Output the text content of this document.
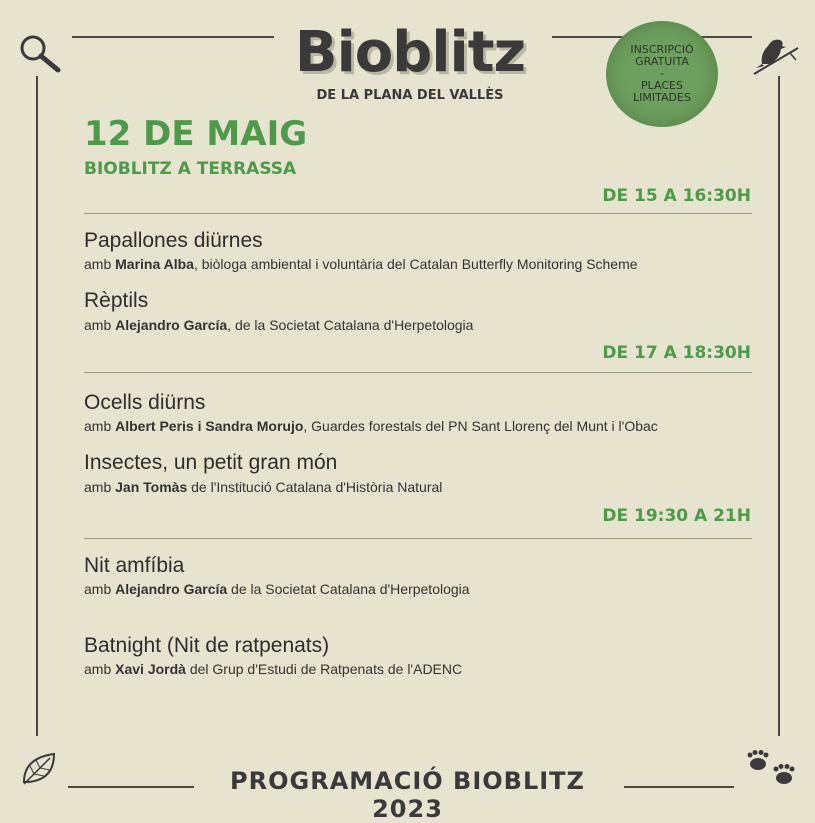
Bioblitz
DE LA PLANA DEL VALLÈS
INSCRIPCIÓ
GRATUITA
-
PLACES
LIMITADES
12 DE MAIG
BIOBLITZ A TERRASSA
DE 15 A 16:30H
Papallones diürnes
amb Marina Alba, biòloga ambiental i voluntària del Catalan Butterfly Monitoring Scheme
Rèptils
amb Alejandro García, de la Societat Catalana d'Herpetologia
DE 17 A 18:30H
Ocells diürns
amb Albert Peris i Sandra Morujo, Guardes forestals del PN Sant Llorenç del Munt i l'Obac
Insectes, un petit gran món
amb Jan Tomàs de l'Institució Catalana d'Història Natural
DE 19:30 A 21H
Nit amfíbia
amb Alejandro García de la Societat Catalana d'Herpetologia
Batnight (Nit de ratpenats)
amb Xavi Jordà del Grup d'Estudi de Ratpenats de l'ADENC
PROGRAMACIÓ BIOBLITZ 2023
